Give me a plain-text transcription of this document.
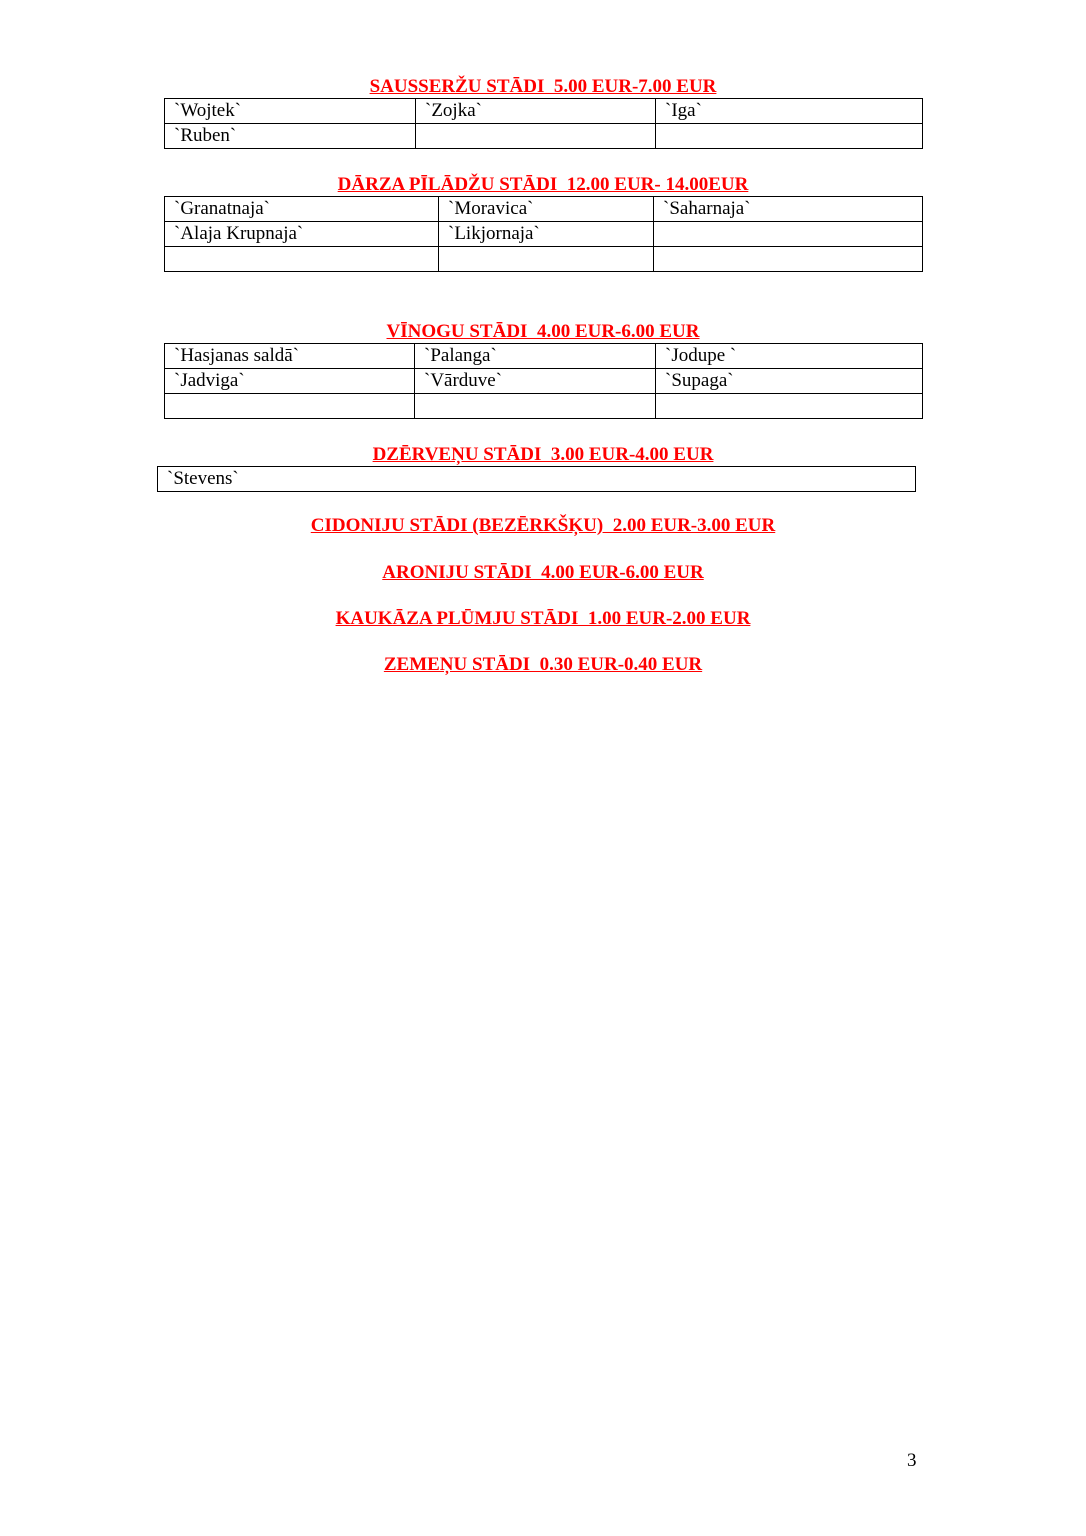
SAUSSERŽU STĀDI  5.00 EUR-7.00 EUR
`Wojtek`	`Zojka`	`Iga`
`Ruben`		
DĀRZA PĪLĀDŽU STĀDI  12.00 EUR- 14.00EUR
`Granatnaja`	`Moravica`	`Saharnaja`
`Alaja Krupnaja`	`Likjornaja`	

VĪNOGU STĀDI  4.00 EUR-6.00 EUR
`Hasjanas saldā`	`Palanga`	`Jodupe `
`Jadviga`	`Vārduve`	`Supaga`

DZĒRVEŅU STĀDI  3.00 EUR-4.00 EUR
`Stevens`
CIDONIJU STĀDI (BEZĒRKŠĶU)  2.00 EUR-3.00 EUR
ARONIJU STĀDI  4.00 EUR-6.00 EUR
KAUKĀZA PLŪMJU STĀDI  1.00 EUR-2.00 EUR
ZEMEŅU STĀDI  0.30 EUR-0.40 EUR
3
